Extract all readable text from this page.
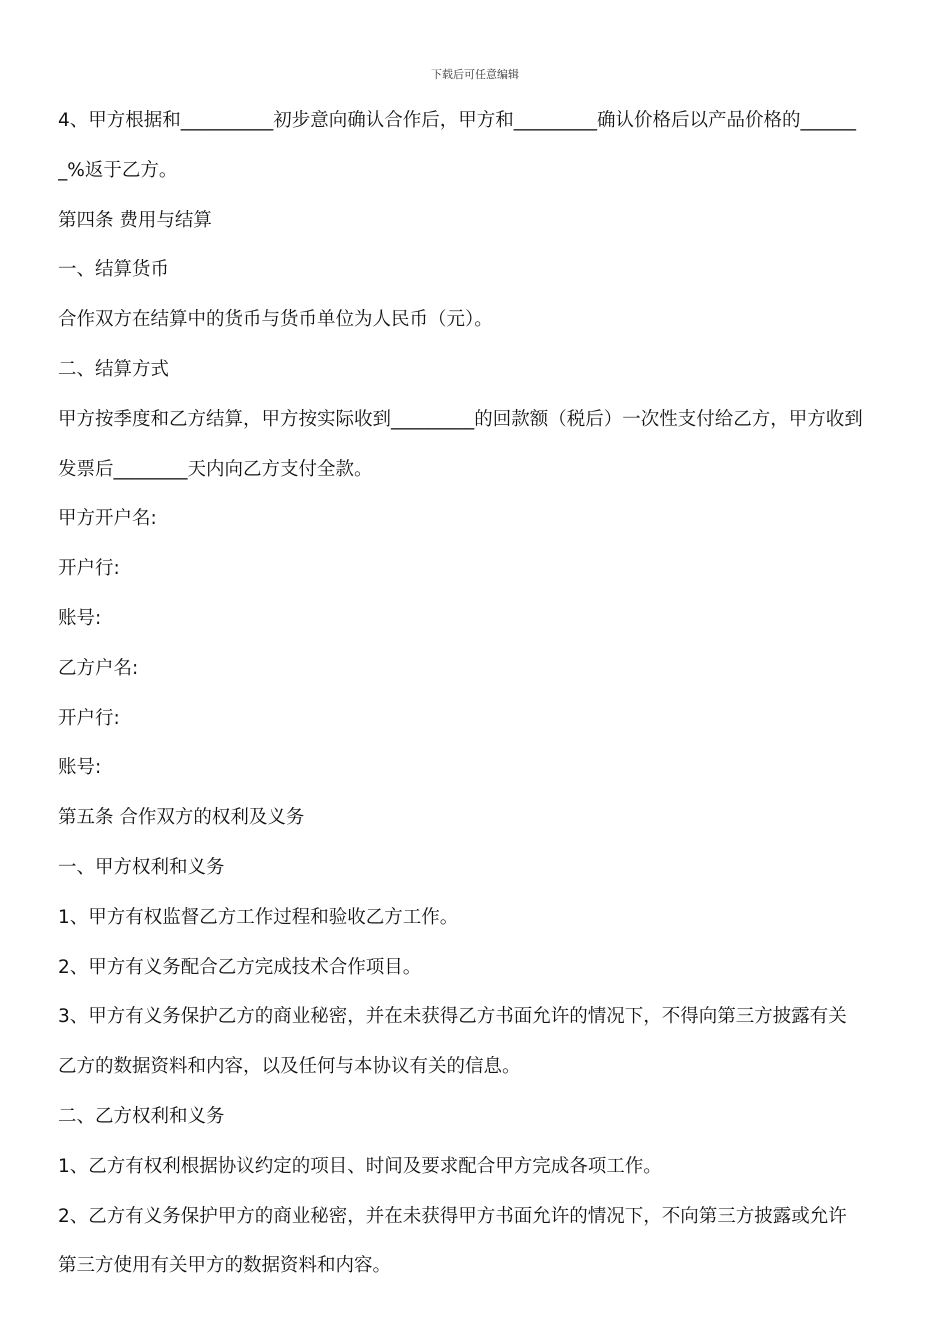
下载后可任意编辑
4、甲方根据和__________初步意向确认合作后，甲方和_________确认价格后以产品价格的______
_%返于乙方。
第四条 费用与结算
一、结算货币
合作双方在结算中的货币与货币单位为人民币（元）。
二、结算方式
甲方按季度和乙方结算，甲方按实际收到_________的回款额（税后）一次性支付给乙方，甲方收到
发票后________天内向乙方支付全款。
甲方开户名:
开户行:
账号:
乙方户名:
开户行:
账号:
第五条 合作双方的权利及义务
一、甲方权利和义务
1、甲方有权监督乙方工作过程和验收乙方工作。
2、甲方有义务配合乙方完成技术合作项目。
3、甲方有义务保护乙方的商业秘密，并在未获得乙方书面允许的情况下，不得向第三方披露有关
乙方的数据资料和内容，以及任何与本协议有关的信息。
二、乙方权利和义务
1、乙方有权利根据协议约定的项目、时间及要求配合甲方完成各项工作。
2、乙方有义务保护甲方的商业秘密，并在未获得甲方书面允许的情况下，不向第三方披露或允许
第三方使用有关甲方的数据资料和内容。
